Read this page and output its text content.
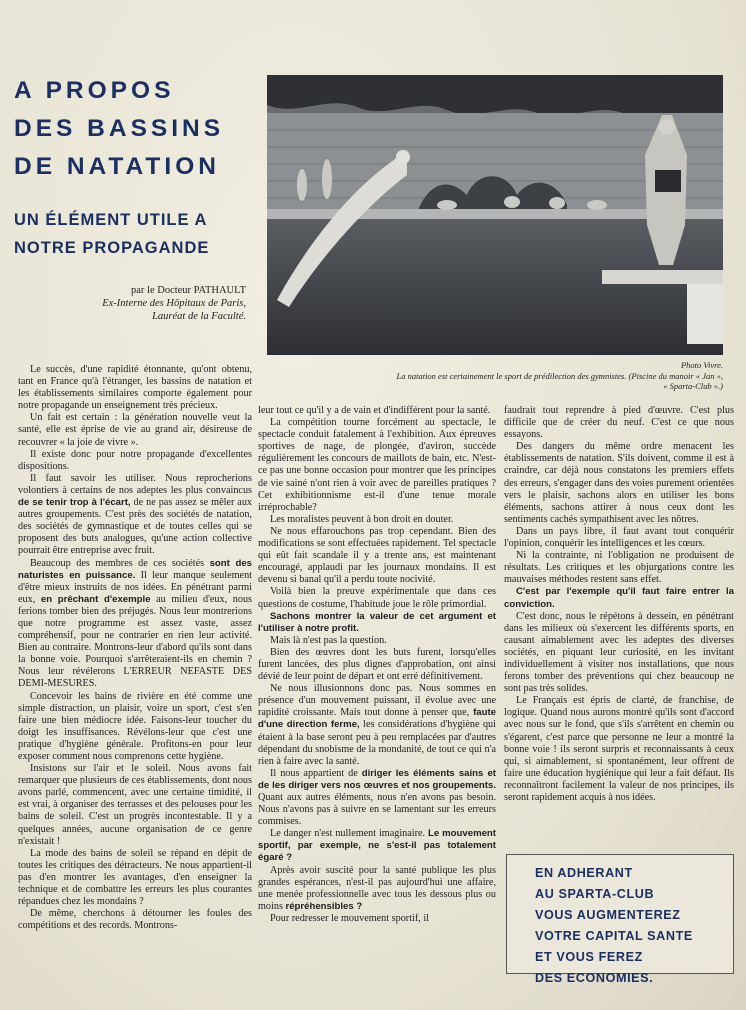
A PROPOS
DES BASSINS
DE NATATION
UN ÉLÉMENT UTILE A
NOTRE PROPAGANDE
par le Docteur PATHAULT
Ex-Interne des Hôpitaux de Paris,
Lauréat de la Faculté.
Photo Vivre.
La natation est certainement le sport de prédilection des gymnistes. (Piscine du manoir « Jan »,
« Sparta-Club ».)

Le succès, d'une rapidité étonnante, qu'ont obtenu, tant en France qu'à l'étranger, les bassins de natation et les établissements similaires comporte également pour notre propagande un enseignement très précieux.

Un fait est certain : la génération nouvelle veut la santé, elle est éprise de vie au grand air, désireuse de recouvrer « la joie de vivre ».

Il existe donc pour notre propagande d'excellentes dispositions.

Il faut savoir les utiliser. Nous reprocherions volontiers à certains de nos adeptes les plus convaincus de se tenir trop à l'écart, de ne pas assez se mêler aux autres groupements. C'est près des sociétés de natation, des sociétés de gymnastique et de toutes celles qui se proposent des buts analogues, qu'une action collective pourrait être entreprise avec fruit.

Beaucoup des membres de ces sociétés sont des naturistes en puissance. Il leur manque seulement d'être mieux instruits de nos idées. En pénétrant parmi eux, en prêchant d'exemple au milieu d'eux, nous ferions tomber bien des préjugés. Nous leur montrerions que notre programme est assez vaste, assez compréhensif, pour ne contrarier en rien leur activité. Bien au contraire. Montrons-leur d'abord qu'ils sont dans la bonne voie. Pourquoi s'arrêteraient-ils en chemin ? Nous leur révélerons L'ERREUR NEFASTE DES DEMI-MESURES.

Concevoir les bains de rivière en été comme une simple distraction, un plaisir, voire un sport, c'est s'en faire une bien médiocre idée. Faisons-leur toucher du doigt les insuffisances. Révélons-leur que c'est une pratique d'hygiène générale. Profitons-en pour leur exposer comment nous comprenons cette hygiène.

Insistons sur l'air et le soleil. Nous avons fait remarquer que plusieurs de ces établissements, dont nous avons parlé, commencent, avec une certaine timidité, il est vrai, à organiser des terrasses et des pelouses pour les bains de soleil. C'est un progrès incontestable. Il y a quelques années, aucune organisation de ce genre n'existait !

La mode des bains de soleil se répand en dépit de toutes les critiques des détracteurs. Ne nous appartient-il pas d'en montrer les avantages, d'en enseigner la technique et de combattre les erreurs les plus courantes répandues chez les mondains ?

De même, cherchons à détourner les foules des compétitions et des records. Montrons-

leur tout ce qu'il y a de vain et d'indifférent pour la santé.

La compétition tourne forcément au spectacle, le spectacle conduit fatalement à l'exhibition. Aux épreuves sportives de nage, de plongée, d'aviron, succède régulièrement les concours de maillots de bain, etc. N'est-ce pas une bonne occasion pour montrer que les principes de vie sainé n'ont rien à voir avec de pareilles pratiques ? Cet exhibitionnisme est-il d'une tenue morale irréprochable?

Les moralistes peuvent à bon droit en douter.

Ne nous effarouchons pas trop cependant. Bien des modifications se sont effectuées rapidement. Tel spectacle qui eût fait scandale il y a trente ans, est maintenant encouragé, applaudi par les journaux mondains. Il est devenu si banal qu'il a perdu toute nocivité.

Voilà bien la preuve expérimentale que dans ces questions de costume, l'habitude joue le rôle primordial.

Sachons montrer la valeur de cet argument et l'utiliser à notre profit.

Mais là n'est pas la question.

Bien des œuvres dont les buts furent, lorsqu'elles furent lancées, des plus dignes d'approbation, ont ainsi dévié de leur point de départ et ont erré définitivement.

Ne nous illusionnons donc pas. Nous sommes en présence d'un mouvement puissant, il évolue avec une rapidité croissante. Mais tout donne à penser que, faute d'une direction ferme, les considérations d'hygiène qui étaient à la base seront peu à peu remplacées par d'autres dépendant du snobisme de la mondanité, de tout ce qui n'a rien à faire avec la santé.

Il nous appartient de diriger les éléments sains et de les diriger vers nos œuvres et nos groupements. Quant aux autres éléments, nous n'en avons pas besoin. Nous n'avons pas à suivre en se lamentant sur les erreurs commises.

Le danger n'est nullement imaginaire. Le mouvement sportif, par exemple, ne s'est-il pas totalement égaré ?

Après avoir suscité pour la santé publique les plus grandes espérances, n'est-il pas aujourd'hui une affaire, une menée professionnelle avec tous les dessous plus ou moins répréhensibles ?

Pour redresser le mouvement sportif, il

faudrait tout reprendre à pied d'œuvre. C'est plus difficile que de créer du neuf. C'est ce que nous essayons.

Des dangers du même ordre menacent les établissements de natation. S'ils doivent, comme il est à craindre, car déjà nous constatons les premiers effets des erreurs, s'engager dans des voies purement orientées vers le plaisir, sachons alors en utiliser les bons éléments, sachons attirer à nous ceux dont les sentiments cachés sympathisent avec les nôtres.

Dans un pays libre, il faut avant tout conquérir l'opinion, conquérir les intelligences et les cœurs.

Ni la contrainte, ni l'obligation ne produisent de résultats. Les critiques et les objurgations contre les mauvaises méthodes restent sans effet.

C'est par l'exemple qu'il faut faire entrer la conviction.

C'est donc, nous le répétons à dessein, en pénétrant dans les milieux où s'exercent les différents sports, en causant aimablement avec les adeptes des diverses sociétés, en piquant leur curiosité, en les invitant individuellement à visiter nos installations, que nous ferons tomber des préventions qui chez beaucoup ne sont pas très solides.

Le Français est épris de clarté, de franchise, de logique. Quand nous aurons montré qu'ils sont d'accord avec nous sur le fond, que s'ils s'arrêtent en chemin ou s'égarent, c'est parce que personne ne leur a montré la bonne voie ! ils seront surpris et reconnaissants à ceux qui, si aimablement, si spontanément, leur offrent de faire une éducation hygiénique qui leur a fait défaut. Ils reconnaîtront facilement la valeur de nos principes, ils seront rapidement acquis à nos idées.

EN ADHERANT
AU SPARTA-CLUB
VOUS AUGMENTEREZ
VOTRE CAPITAL SANTE
ET VOUS FEREZ
DES ECONOMIES.
